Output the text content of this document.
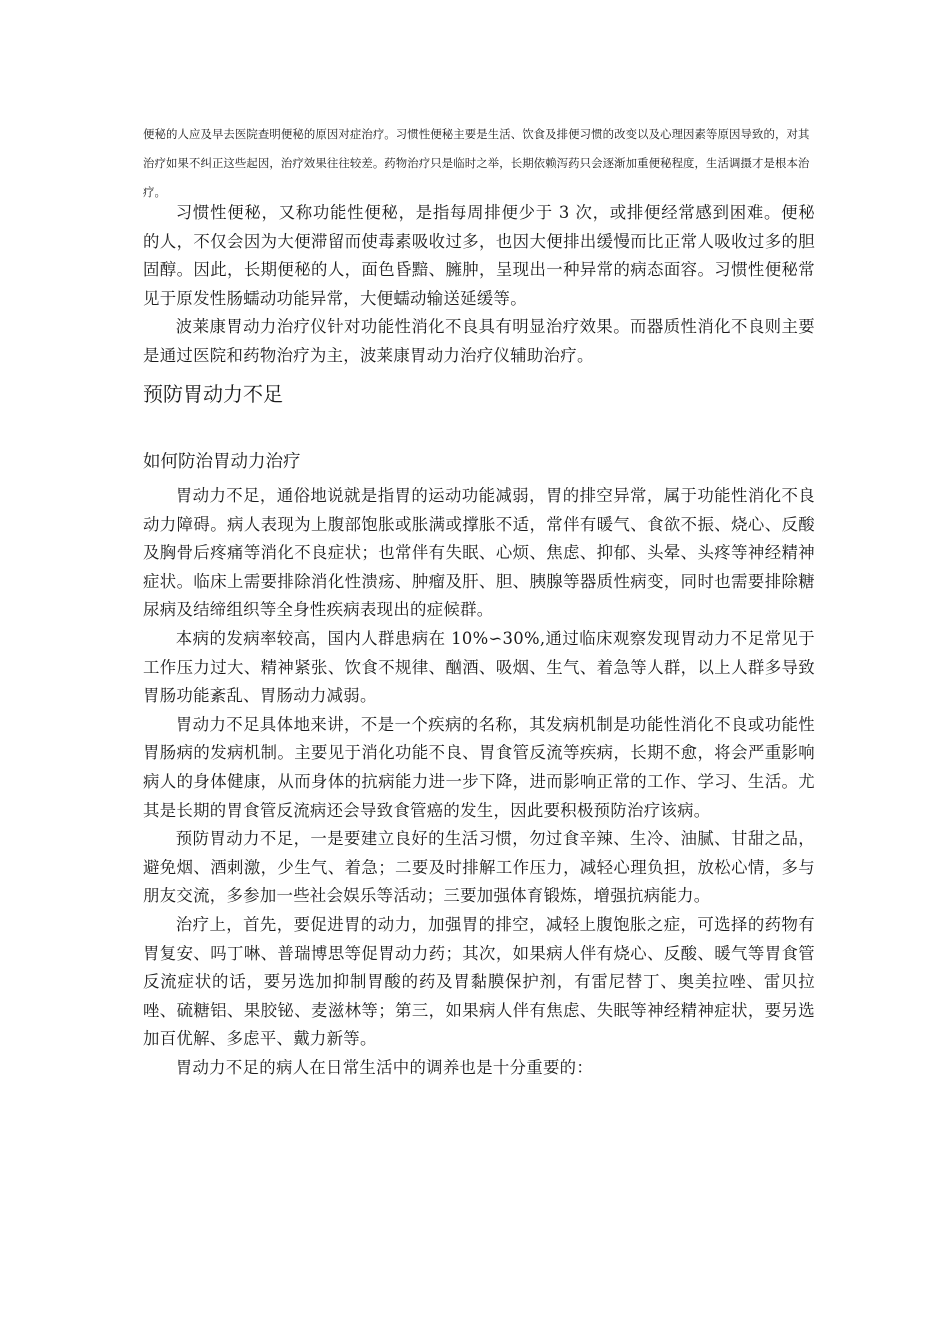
便秘的人应及早去医院查明便秘的原因对症治疗。习惯性便秘主要是生活、饮食及排便习惯的改变以及心理因素等原因导致的，对其治疗如果不纠正这些起因，治疗效果往往较差。药物治疗只是临时之举，长期依赖泻药只会逐渐加重便秘程度，生活调摄才是根本治疗。

习惯性便秘，又称功能性便秘，是指每周排便少于 3 次，或排便经常感到困难。便秘的人，不仅会因为大便滞留而使毒素吸收过多，也因大便排出缓慢而比正常人吸收过多的胆固醇。因此，长期便秘的人，面色昏黯、臃肿，呈现出一种异常的病态面容。习惯性便秘常见于原发性肠蠕动功能异常，大便蠕动输送延缓等。

波莱康胃动力治疗仪针对功能性消化不良具有明显治疗效果。而器质性消化不良则主要是通过医院和药物治疗为主，波莱康胃动力治疗仪辅助治疗。

预防胃动力不足
如何防治胃动力治疗

胃动力不足，通俗地说就是指胃的运动功能减弱，胃的排空异常，属于功能性消化不良动力障碍。病人表现为上腹部饱胀或胀满或撑胀不适，常伴有暖气、食欲不振、烧心、反酸及胸骨后疼痛等消化不良症状；也常伴有失眠、心烦、焦虑、抑郁、头晕、头疼等神经精神症状。临床上需要排除消化性溃疡、肿瘤及肝、胆、胰腺等器质性病变，同时也需要排除糖尿病及结缔组织等全身性疾病表现出的症候群。

本病的发病率较高，国内人群患病在 10%∽30%,通过临床观察发现胃动力不足常见于工作压力过大、精神紧张、饮食不规律、酗酒、吸烟、生气、着急等人群，以上人群多导致胃肠功能紊乱、胃肠动力减弱。

胃动力不足具体地来讲，不是一个疾病的名称，其发病机制是功能性消化不良或功能性胃肠病的发病机制。主要见于消化功能不良、胃食管反流等疾病，长期不愈，将会严重影响病人的身体健康，从而身体的抗病能力进一步下降，进而影响正常的工作、学习、生活。尤其是长期的胃食管反流病还会导致食管癌的发生，因此要积极预防治疗该病。

预防胃动力不足，一是要建立良好的生活习惯，勿过食辛辣、生冷、油腻、甘甜之品，避免烟、酒刺激，少生气、着急；二要及时排解工作压力，减轻心理负担，放松心情，多与朋友交流，多参加一些社会娱乐等活动；三要加强体育锻炼，增强抗病能力。

治疗上，首先，要促进胃的动力，加强胃的排空，减轻上腹饱胀之症，可选择的药物有胃复安、吗丁啉、普瑞博思等促胃动力药；其次，如果病人伴有烧心、反酸、暖气等胃食管反流症状的话，要另选加抑制胃酸的药及胃黏膜保护剂，有雷尼替丁、奥美拉唑、雷贝拉唑、硫糖铝、果胶铋、麦滋林等；第三，如果病人伴有焦虑、失眠等神经精神症状，要另选加百优解、多虑平、戴力新等。

胃动力不足的病人在日常生活中的调养也是十分重要的：
